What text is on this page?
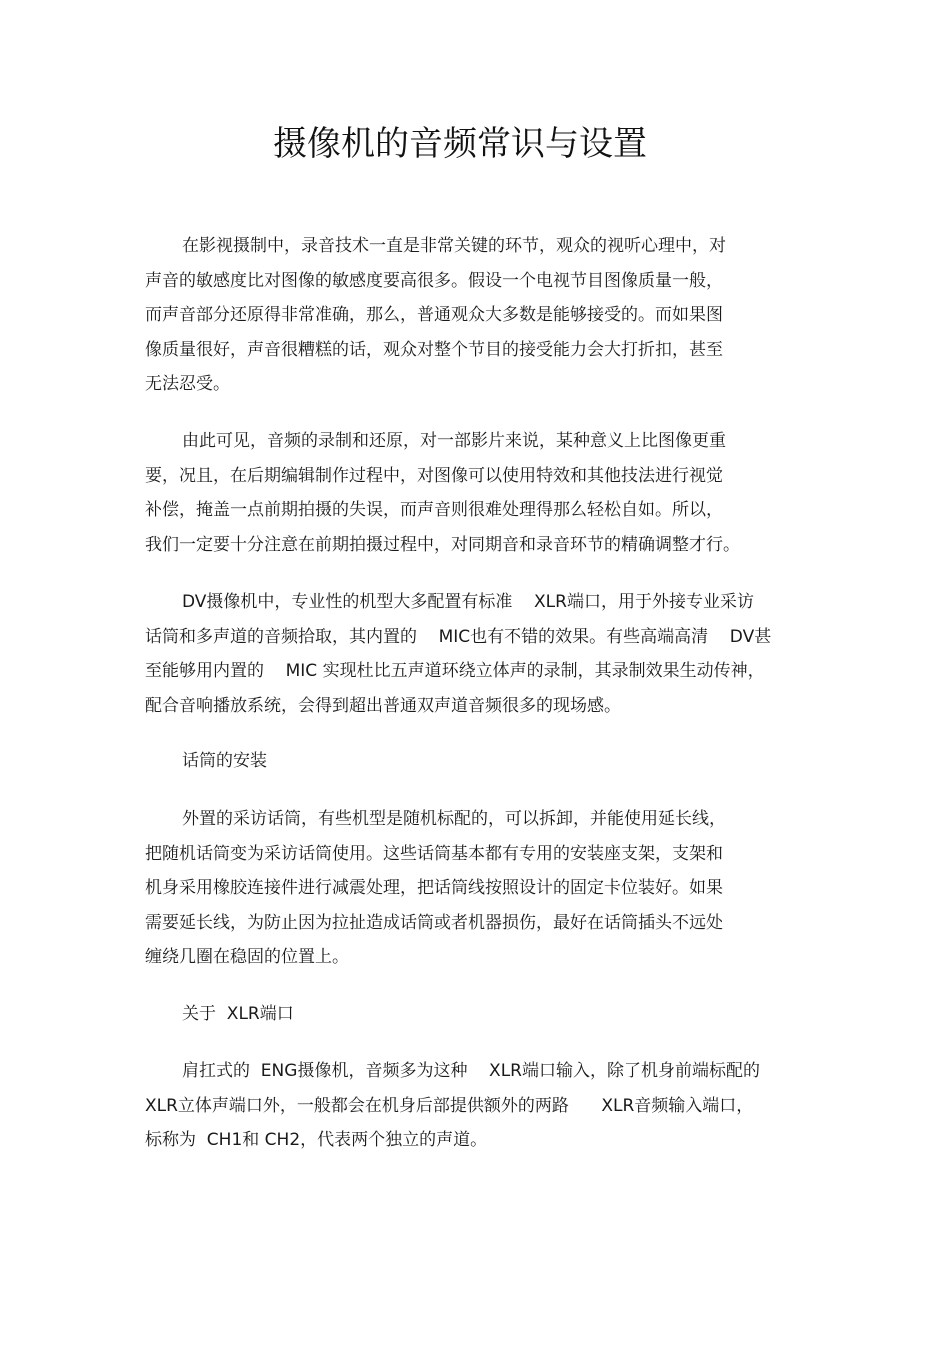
摄像机的音频常识与设置
在影视摄制中，录音技术一直是非常关键的环节，观众的视听心理中，对
声音的敏感度比对图像的敏感度要高很多。假设一个电视节目图像质量一般，
而声音部分还原得非常准确，那么，普通观众大多数是能够接受的。而如果图
像质量很好，声音很糟糕的话，观众对整个节目的接受能力会大打折扣，甚至
无法忍受。
由此可见，音频的录制和还原，对一部影片来说，某种意义上比图像更重
要，况且，在后期编辑制作过程中，对图像可以使用特效和其他技法进行视觉
补偿，掩盖一点前期拍摄的失误，而声音则很难处理得那么轻松自如。所以，
我们一定要十分注意在前期拍摄过程中，对同期音和录音环节的精确调整才行。
DV摄像机中，专业性的机型大多配置有标准    XLR端口，用于外接专业采访
话筒和多声道的音频拾取，其内置的    MIC也有不错的效果。有些高端高清    DV甚
至能够用内置的    MIC 实现杜比五声道环绕立体声的录制，其录制效果生动传神，
配合音响播放系统，会得到超出普通双声道音频很多的现场感。
话筒的安装
外置的采访话筒，有些机型是随机标配的，可以拆卸，并能使用延长线，
把随机话筒变为采访话筒使用。这些话筒基本都有专用的安装座支架，支架和
机身采用橡胶连接件进行减震处理，把话筒线按照设计的固定卡位装好。如果
需要延长线，为防止因为拉扯造成话筒或者机器损伤，最好在话筒插头不远处
缠绕几圈在稳固的位置上。
关于  XLR端口
肩扛式的  ENG摄像机，音频多为这种    XLR端口输入，除了机身前端标配的
XLR立体声端口外，一般都会在机身后部提供额外的两路      XLR音频输入端口，
标称为  CH1和 CH2，代表两个独立的声道。
